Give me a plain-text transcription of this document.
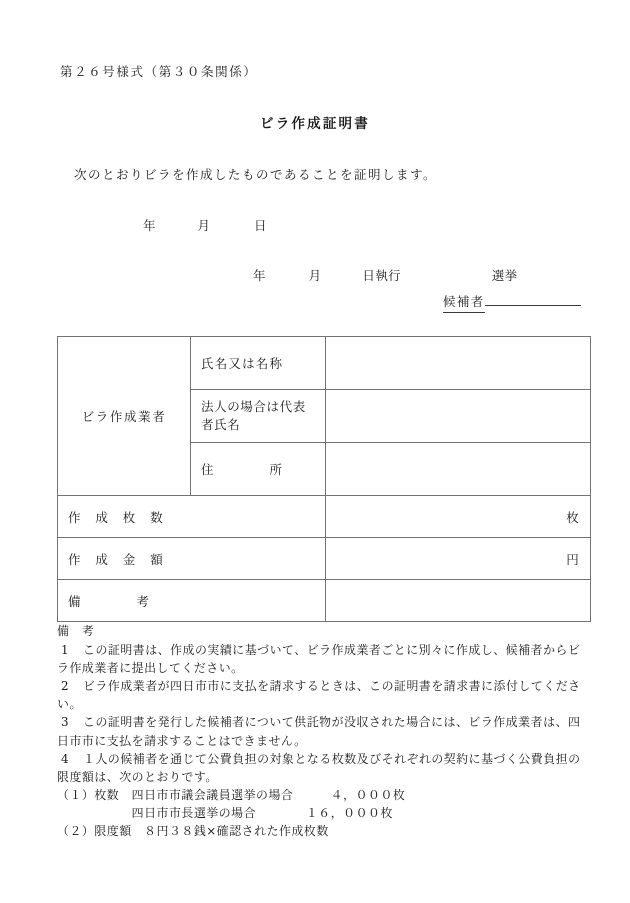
第２６号様式（第３０条関係）
ビラ作成証明書
次のとおりビラを作成したものであることを証明します。
年	月	日
年	月	日執行	選挙
候補者
ビラ作成業者	氏名又は名称	
	法人の場合は代表者氏名	
	住　　　　所	
作　成　枚　数		枚
作　成　金　額		円
備　　　　考		
備　考
1 この証明書は、作成の実績に基づいて、ビラ作成業者ごとに別々に作成し、候補者からビラ作成業者に提出してください。
2 ビラ作成業者が四日市市に支払を請求するときは、この証明書を請求書に添付してください。
3 この証明書を発行した候補者について供託物が没収された場合には、ビラ作成業者は、四日市市に支払を請求することはできません。
4 １人の候補者を通じて公費負担の対象となる枚数及びそれぞれの契約に基づく公費負担の限度額は、次のとおりです。
（１）枚数　四日市市議会議員選挙の場合　　　４，０００枚
　　　　　　四日市市長選挙の場合　　　　１６，０００枚
（２）限度額　８円３８銭×確認された作成枚数
